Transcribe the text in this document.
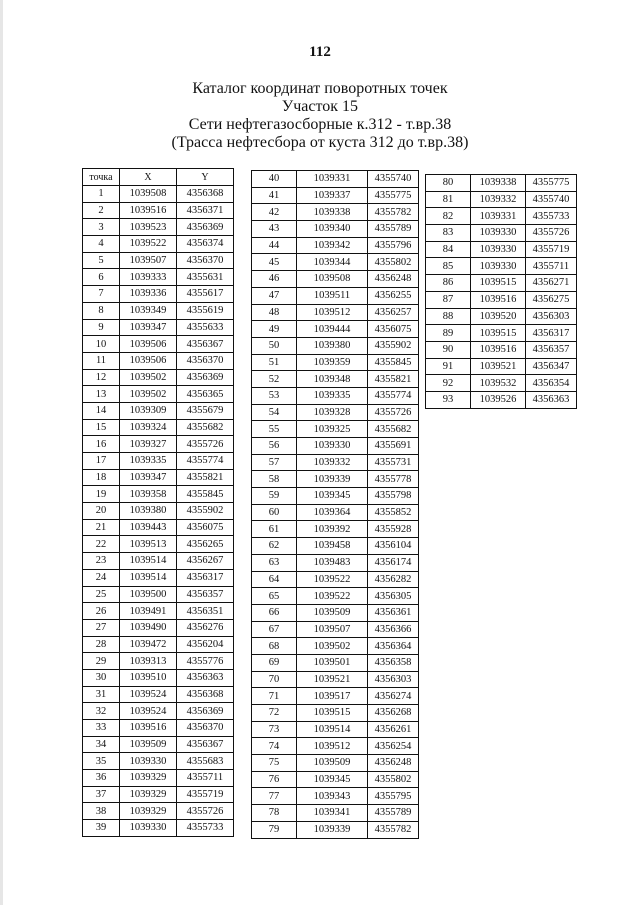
112
Каталог координат поворотных точек
Участок 15
Сети нефтегазосборные к.312 - т.вр.38
(Трасса нефтесбора от куста 312 до т.вр.38)
точка	X	Y
1	1039508	4356368
2	1039516	4356371
3	1039523	4356369
4	1039522	4356374
5	1039507	4356370
6	1039333	4355631
7	1039336	4355617
8	1039349	4355619
9	1039347	4355633
10	1039506	4356367
11	1039506	4356370
12	1039502	4356369
13	1039502	4356365
14	1039309	4355679
15	1039324	4355682
16	1039327	4355726
17	1039335	4355774
18	1039347	4355821
19	1039358	4355845
20	1039380	4355902
21	1039443	4356075
22	1039513	4356265
23	1039514	4356267
24	1039514	4356317
25	1039500	4356357
26	1039491	4356351
27	1039490	4356276
28	1039472	4356204
29	1039313	4355776
30	1039510	4356363
31	1039524	4356368
32	1039524	4356369
33	1039516	4356370
34	1039509	4356367
35	1039330	4355683
36	1039329	4355711
37	1039329	4355719
38	1039329	4355726
39	1039330	4355733
40	1039331	4355740
41	1039337	4355775
42	1039338	4355782
43	1039340	4355789
44	1039342	4355796
45	1039344	4355802
46	1039508	4356248
47	1039511	4356255
48	1039512	4356257
49	1039444	4356075
50	1039380	4355902
51	1039359	4355845
52	1039348	4355821
53	1039335	4355774
54	1039328	4355726
55	1039325	4355682
56	1039330	4355691
57	1039332	4355731
58	1039339	4355778
59	1039345	4355798
60	1039364	4355852
61	1039392	4355928
62	1039458	4356104
63	1039483	4356174
64	1039522	4356282
65	1039522	4356305
66	1039509	4356361
67	1039507	4356366
68	1039502	4356364
69	1039501	4356358
70	1039521	4356303
71	1039517	4356274
72	1039515	4356268
73	1039514	4356261
74	1039512	4356254
75	1039509	4356248
76	1039345	4355802
77	1039343	4355795
78	1039341	4355789
79	1039339	4355782
80	1039338	4355775
81	1039332	4355740
82	1039331	4355733
83	1039330	4355726
84	1039330	4355719
85	1039330	4355711
86	1039515	4356271
87	1039516	4356275
88	1039520	4356303
89	1039515	4356317
90	1039516	4356357
91	1039521	4356347
92	1039532	4356354
93	1039526	4356363
